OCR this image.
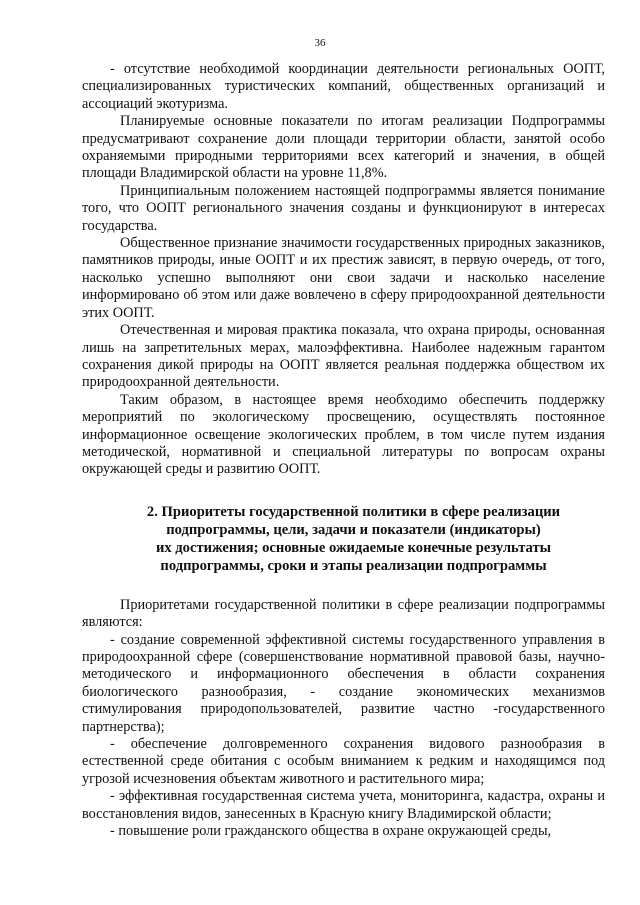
36

- отсутствие необходимой координации деятельности региональных ООПТ, специализированных туристических компаний, общественных организаций и ассоциаций экотуризма.

Планируемые основные показатели по итогам реализации Подпрограммы предусматривают сохранение доли площади территории области, занятой особо охраняемыми природными территориями всех категорий и значения, в общей площади Владимирской области на уровне 11,8%.

Принципиальным положением настоящей подпрограммы является понимание того, что ООПТ регионального значения созданы и функционируют в интересах государства.

Общественное признание значимости государственных природных заказников, памятников природы, иные ООПТ и их престиж зависят, в первую очередь, от того, насколько успешно выполняют они свои задачи и насколько население информировано об этом или даже вовлечено в сферу природоохранной деятельности этих ООПТ.

Отечественная и мировая практика показала, что охрана природы, основанная лишь на запретительных мерах, малоэффективна. Наиболее надежным гарантом сохранения дикой природы на ООПТ является реальная поддержка обществом их природоохранной деятельности.

Таким образом, в настоящее время необходимо обеспечить поддержку мероприятий по экологическому просвещению, осуществлять постоянное информационное освещение экологических проблем, в том числе путем издания методической, нормативной и специальной литературы по вопросам охраны окружающей среды и развитию ООПТ.

2. Приоритеты государственной политики в сфере реализации
подпрограммы, цели, задачи и показатели (индикаторы)
их достижения; основные ожидаемые конечные результаты
подпрограммы, сроки и этапы реализации подпрограммы

Приоритетами государственной политики в сфере реализации подпрограммы являются:

- создание современной эффективной системы государственного управления в природоохранной сфере (совершенствование нормативной правовой базы, научно-методического и информационного обеспечения в области сохранения биологического разнообразия, - создание экономических механизмов стимулирования природопользователей, развитие частно -государственного партнерства);

- обеспечение долговременного сохранения видового разнообразия в естественной среде обитания с особым вниманием к редким и находящимся под угрозой исчезновения объектам животного и растительного мира;

- эффективная государственная система учета, мониторинга, кадастра, охраны и восстановления видов, занесенных в Красную книгу Владимирской области;

- повышение роли гражданского общества в охране окружающей среды,
